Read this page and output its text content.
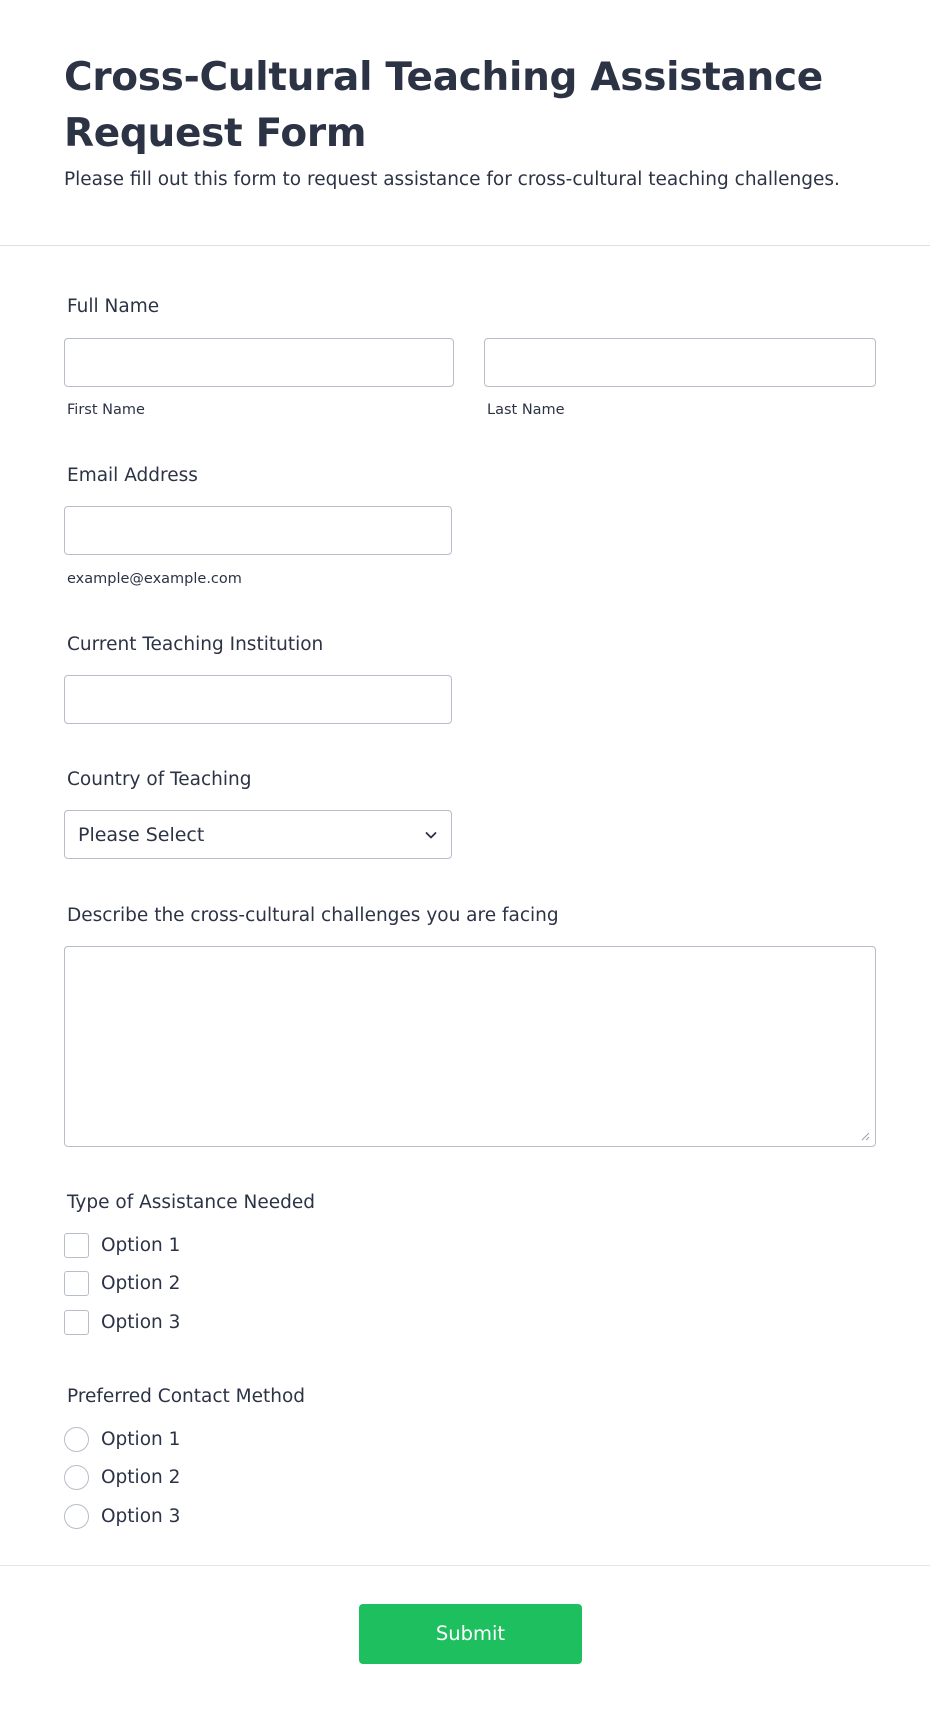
Cross-Cultural Teaching Assistance Request Form

Please fill out this form to request assistance for cross-cultural teaching challenges.

Full Name
First Name	Last Name
Email Address
example@example.com
Current Teaching Institution
Country of Teaching
Please Select
Describe the cross-cultural challenges you are facing
Type of Assistance Needed
Option 1
Option 2
Option 3
Preferred Contact Method
Option 1
Option 2
Option 3
Submit
